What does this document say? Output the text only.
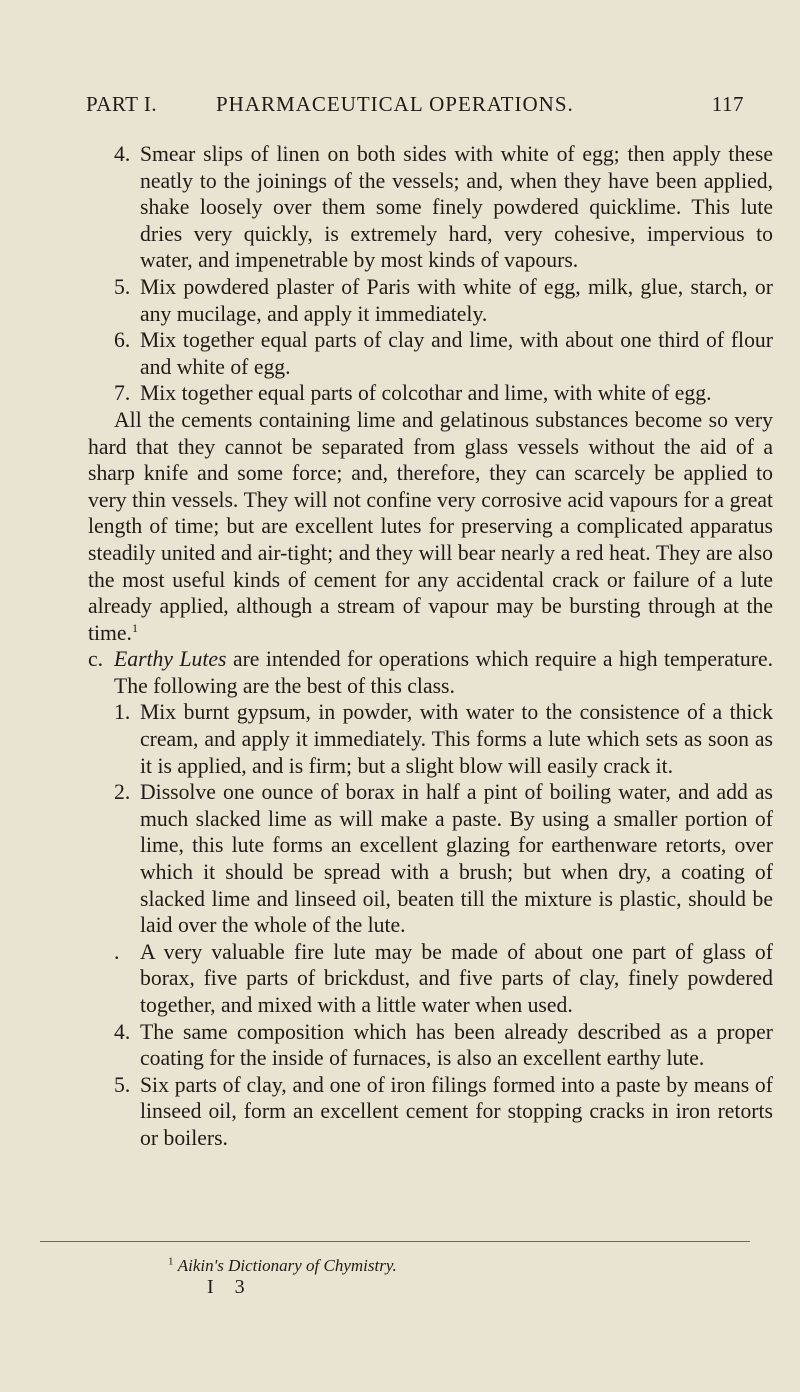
PART I.	PHARMACEUTICAL OPERATIONS.	117

4. Smear slips of linen on both sides with white of egg; then apply these neatly to the joinings of the vessels; and, when they have been applied, shake loosely over them some finely powdered quicklime. This lute dries very quickly, is extremely hard, very cohesive, impervious to water, and impenetrable by most kinds of vapours.

5. Mix powdered plaster of Paris with white of egg, milk, glue, starch, or any mucilage, and apply it immediately.

6. Mix together equal parts of clay and lime, with about one third of flour and white of egg.

7. Mix together equal parts of colcothar and lime, with white of egg.

All the cements containing lime and gelatinous substances become so very hard that they cannot be separated from glass vessels without the aid of a sharp knife and some force; and, therefore, they can scarcely be applied to very thin vessels. They will not confine very corrosive acid vapours for a great length of time; but are excellent lutes for preserving a complicated apparatus steadily united and air-tight; and they will bear nearly a red heat. They are also the most useful kinds of cement for any accidental crack or failure of a lute already applied, although a stream of vapour may be bursting through at the time.$^1$

c. Earthy Lutes are intended for operations which require a high temperature. The following are the best of this class.

1. Mix burnt gypsum, in powder, with water to the consistence of a thick cream, and apply it immediately. This forms a lute which sets as soon as it is applied, and is firm; but a slight blow will easily crack it.

2. Dissolve one ounce of borax in half a pint of boiling water, and add as much slacked lime as will make a paste. By using a smaller portion of lime, this lute forms an excellent glazing for earthenware retorts, over which it should be spread with a brush; but when dry, a coating of slacked lime and linseed oil, beaten till the mixture is plastic, should be laid over the whole of the lute.

. A very valuable fire lute may be made of about one part of glass of borax, five parts of brickdust, and five parts of clay, finely powdered together, and mixed with a little water when used.

4. The same composition which has been already described as a proper coating for the inside of furnaces, is also an excellent earthy lute.

5. Six parts of clay, and one of iron filings formed into a paste by means of linseed oil, form an excellent cement for stopping cracks in iron retorts or boilers.

$^1$ Aikin's Dictionary of Chymistry.
I 3
